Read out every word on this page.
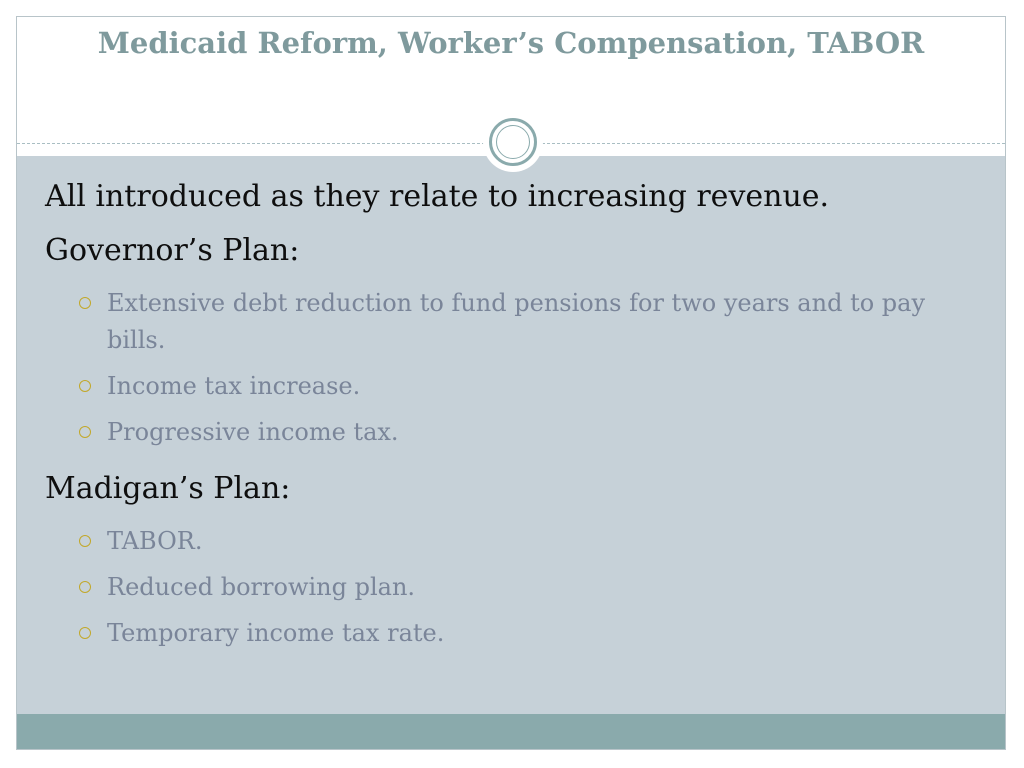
Medicaid Reform, Worker’s Compensation, TABOR

All introduced as they relate to increasing revenue.

Governor’s Plan:

Extensive debt reduction to fund pensions for two years and to pay bills.
Income tax increase.
Progressive income tax.

Madigan’s Plan:

TABOR.
Reduced borrowing plan.
Temporary income tax rate.
